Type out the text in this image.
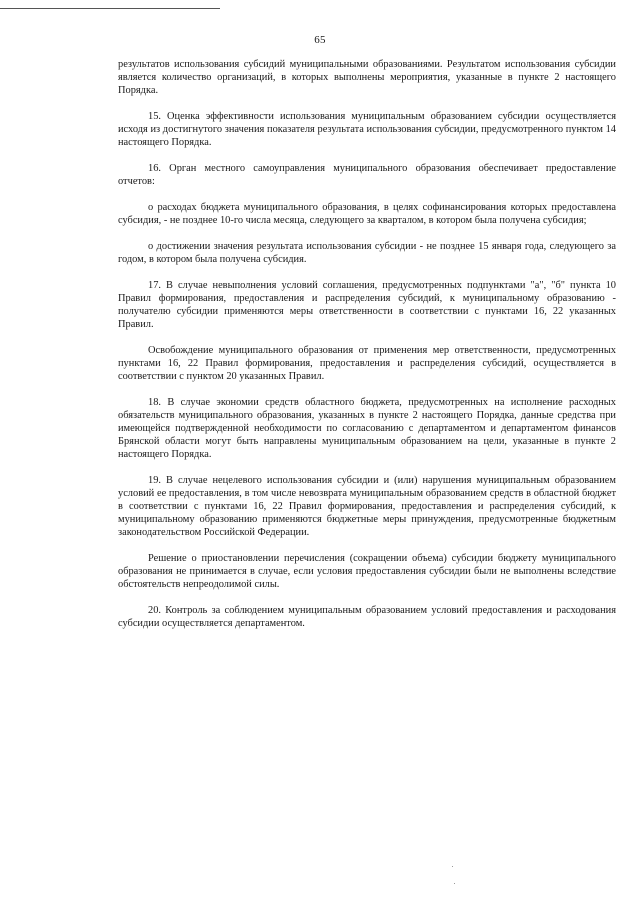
65

результатов использования субсидий муниципальными образованиями. Результатом использования субсидии является количество организаций, в которых выполнены мероприятия, указанные в пункте 2 настоящего Порядка.

15. Оценка эффективности использования муниципальным образованием субсидии осуществляется исходя из достигнутого значения показателя результата использования субсидии, предусмотренного пунктом 14 настоящего Порядка.

16. Орган местного самоуправления муниципального образования обеспечивает предоставление отчетов:

о расходах бюджета муниципального образования, в целях софинансирования которых предоставлена субсидия, - не позднее 10-го числа месяца, следующего за кварталом, в котором была получена субсидия;

о достижении значения результата использования субсидии - не позднее 15 января года, следующего за годом, в котором была получена субсидия.

17. В случае невыполнения условий соглашения, предусмотренных подпунктами "а", "б" пункта 10 Правил формирования, предоставления и распределения субсидий, к муниципальному образованию - получателю субсидии применяются меры ответственности в соответствии с пунктами 16, 22 указанных Правил.

Освобождение муниципального образования от применения мер ответственности, предусмотренных пунктами 16, 22 Правил формирования, предоставления и распределения субсидий, осуществляется в соответствии с пунктом 20 указанных Правил.

18. В случае экономии средств областного бюджета, предусмотренных на исполнение расходных обязательств муниципального образования, указанных в пункте 2 настоящего Порядка, данные средства при имеющейся подтвержденной необходимости по согласованию с департаментом и департаментом финансов Брянской области могут быть направлены муниципальным образованием на цели, указанные в пункте 2 настоящего Порядка.

19. В случае нецелевого использования субсидии и (или) нарушения муниципальным образованием условий ее предоставления, в том числе невозврата муниципальным образованием средств в областной бюджет в соответствии с пунктами 16, 22 Правил формирования, предоставления и распределения субсидий, к муниципальному образованию применяются бюджетные меры принуждения, предусмотренные бюджетным законодательством Российской Федерации.

Решение о приостановлении перечисления (сокращении объема) субсидии бюджету муниципального образования не принимается в случае, если условия предоставления субсидии были не выполнены вследствие обстоятельств непреодолимой силы.

20. Контроль за соблюдением муниципальным образованием условий предоставления и расходования субсидии осуществляется департаментом.
